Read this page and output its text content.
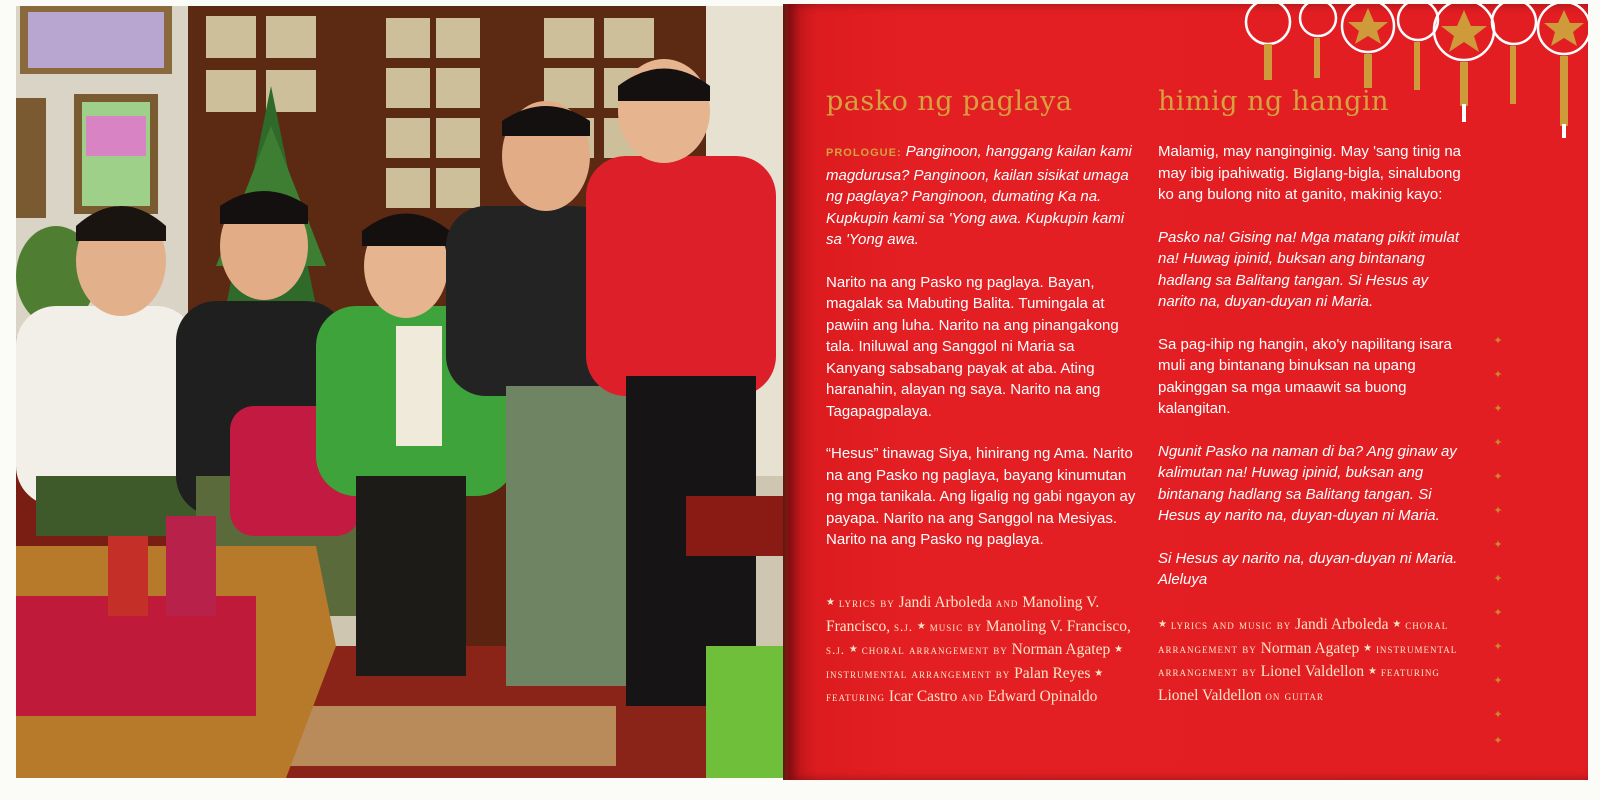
pasko ng paglaya

PROLOGUE: Panginoon, hanggang kailan kami magdurusa? Panginoon, kailan sisikat umaga ng paglaya? Panginoon, dumating Ka na. Kupkupin kami sa 'Yong awa. Kupkupin kami sa 'Yong awa.

Narito na ang Pasko ng paglaya. Bayan, magalak sa Mabuting Balita. Tumingala at pawiin ang luha. Narito na ang pinangakong tala. Iniluwal ang Sanggol ni Maria sa Kanyang sabsabang payak at aba. Ating haranahin, alayan ng saya. Narito na ang Tagapagpalaya.

“Hesus” tinawag Siya, hinirang ng Ama. Narito na ang Pasko ng paglaya, bayang kinumutan ng mga tanikala. Ang ligalig ng gabi ngayon ay payapa. Narito na ang Sanggol na Mesiyas. Narito na ang Pasko ng paglaya.

★ lyrics by Jandi Arboleda and Manoling V. Francisco, s.j. ★ music by Manoling V. Francisco, s.j. ★ choral arrangement by Norman Agatep ★ instrumental arrangement by Palan Reyes ★ featuring Icar Castro and Edward Opinaldo
himig ng hangin

Malamig, may nanginginig. May 'sang tinig na may ibig ipahiwatig. Biglang-bigla, sinalubong ko ang bulong nito at ganito, makinig kayo:

Pasko na! Gising na! Mga matang pikit imulat na! Huwag ipinid, buksan ang bintanang hadlang sa Balitang tangan. Si Hesus ay narito na, duyan-duyan ni Maria.

Sa pag-ihip ng hangin, ako'y napilitang isara muli ang bintanang binuksan na upang pakinggan sa mga umaawit sa buong kalangitan.

Ngunit Pasko na naman di ba? Ang ginaw ay kalimutan na! Huwag ipinid, buksan ang bintanang hadlang sa Balitang tangan. Si Hesus ay narito na, duyan-duyan ni Maria.

Si Hesus ay narito na, duyan-duyan ni Maria. Aleluya

★ lyrics and music by Jandi Arboleda ★ choral arrangement by Norman Agatep ★ instrumental arrangement by Lionel Valdellon ★ featuring Lionel Valdellon on guitar
✦
✦
✦
✦
✦
✦
✦
✦
✦
✦
✦
✦
✦
